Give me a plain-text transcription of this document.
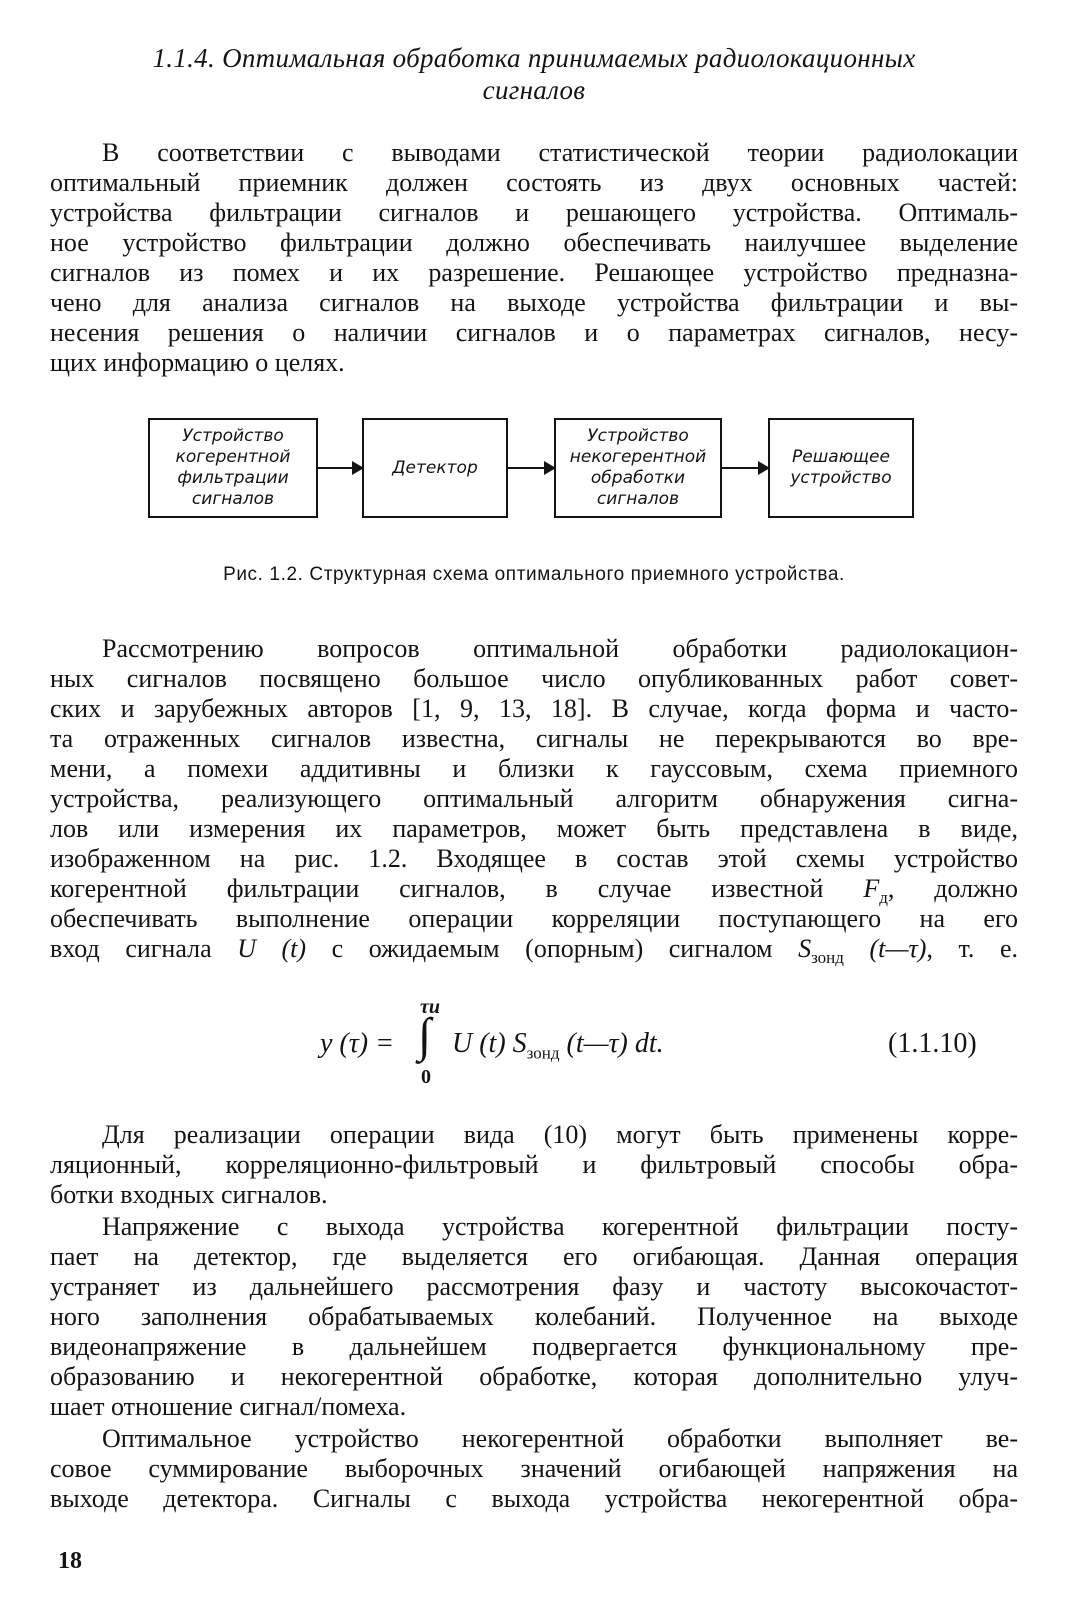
1.1.4. Оптимальная обработка принимаемых радиолокационных
сигналов
В соответствии с выводами статистической теории радиолокации
оптимальный приемник должен состоять из двух основных частей:
устройства фильтрации сигналов и решающего устройства. Оптималь-
ное устройство фильтрации должно обеспечивать наилучшее выделение
сигналов из помех и их разрешение. Решающее устройство предназна-
чено для анализа сигналов на выходе устройства фильтрации и вы-
несения решения о наличии сигналов и о параметрах сигналов, несу-
щих информацию о целях.
Устройство
когерентной
фильтрации
сигналов
Детектор
Устройство
некогерентной
обработки
сигналов
Решающее
устройство
Рис. 1.2. Структурная схема оптимального приемного устройства.
Рассмотрению вопросов оптимальной обработки радиолокацион-
ных сигналов посвящено большое число опубликованных работ совет-
ских и зарубежных авторов [1, 9, 13, 18]. В случае, когда форма и часто-
та отраженных сигналов известна, сигналы не перекрываются во вре-
мени, а помехи аддитивны и близки к гауссовым, схема приемного
устройства, реализующего оптимальный алгоритм обнаружения сигна-
лов или измерения их параметров, может быть представлена в виде,
изображенном на рис. 1.2. Входящее в состав этой схемы устройство
когерентной фильтрации сигналов, в случае известной $F_д$, должно
обеспечивать выполнение операции корреляции поступающего на его
вход сигнала U (t) с ожидаемым (опорным) сигналом $S_{зонд}$ (t—τ), т. е.
y (τ) =
τи
∫
0
U (t) $S_{зонд}$ (t—τ) dt.	(1.1.10)
Для реализации операции вида (10) могут быть применены корре-
ляционный, корреляционно-фильтровый и фильтровый способы обра-
ботки входных сигналов.
Напряжение с выхода устройства когерентной фильтрации посту-
пает на детектор, где выделяется его огибающая. Данная операция
устраняет из дальнейшего рассмотрения фазу и частоту высокочастот-
ного заполнения обрабатываемых колебаний. Полученное на выходе
видеонапряжение в дальнейшем подвергается функциональному пре-
образованию и некогерентной обработке, которая дополнительно улуч-
шает отношение сигнал/помеха.
Оптимальное устройство некогерентной обработки выполняет ве-
совое суммирование выборочных значений огибающей напряжения на
выходе детектора. Сигналы с выхода устройства некогерентной обра-
18
